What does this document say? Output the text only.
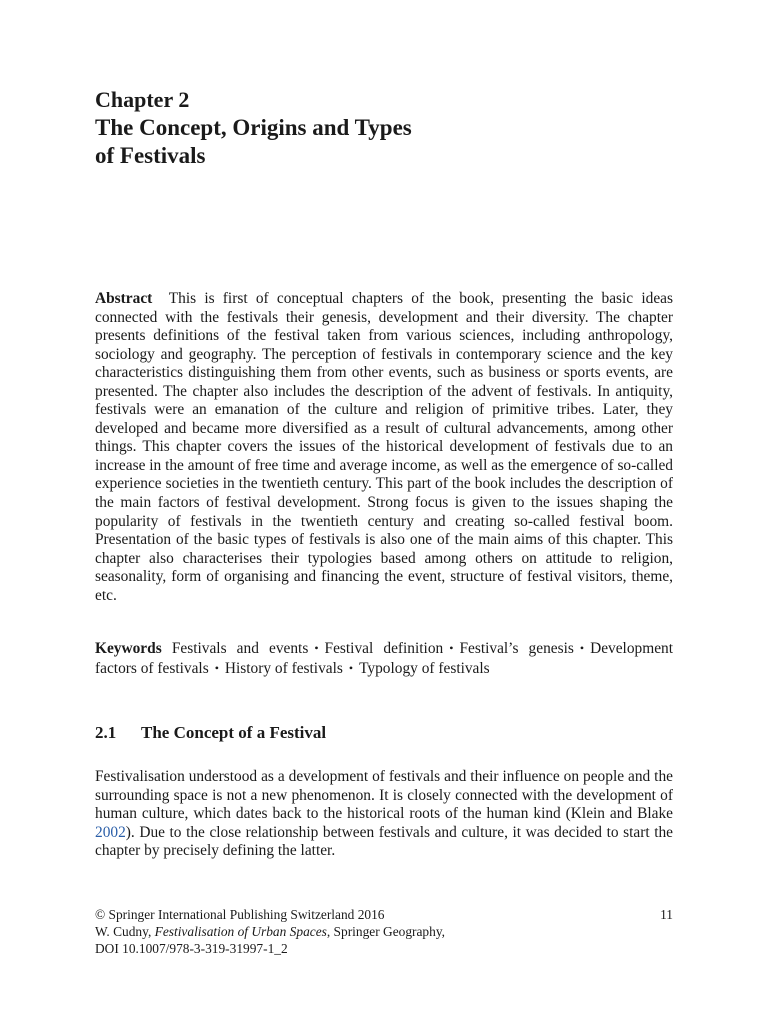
Chapter 2

The Concept, Origins and Types

of Festivals

Abstract This is first of conceptual chapters of the book, presenting the basic ideas connected with the festivals their genesis, development and their diversity. The chapter presents definitions of the festival taken from various sciences, including anthropology, sociology and geography. The perception of festivals in contemporary science and the key characteristics distinguishing them from other events, such as business or sports events, are presented. The chapter also includes the description of the advent of festivals. In antiquity, festivals were an emanation of the culture and religion of primitive tribes. Later, they developed and became more diversified as a result of cultural advancements, among other things. This chapter covers the issues of the historical development of festivals due to an increase in the amount of free time and average income, as well as the emergence of so-called experience societies in the twentieth century. This part of the book includes the description of the main factors of festival development. Strong focus is given to the issues shaping the popularity of festivals in the twentieth century and creating so-called festival boom. Presentation of the basic types of festivals is also one of the main aims of this chapter. This chapter also characterises their typologies based among others on attitude to religion, seasonality, form of organising and financing the event, structure of festival visitors, theme, etc.
Keywords Festivals and events • Festival definition • Festival’s genesis • Development factors of festivals • History of festivals • Typology of festivals
2.1 The Concept of a Festival
Festivalisation understood as a development of festivals and their influence on people and the surrounding space is not a new phenomenon. It is closely connected with the development of human culture, which dates back to the historical roots of the human kind (Klein and Blake 2002). Due to the close relationship between festivals and culture, it was decided to start the chapter by precisely defining the latter.
© Springer International Publishing Switzerland 2016
W. Cudny, Festivalisation of Urban Spaces, Springer Geography,
DOI 10.1007/978-3-319-31997-1_2
11
